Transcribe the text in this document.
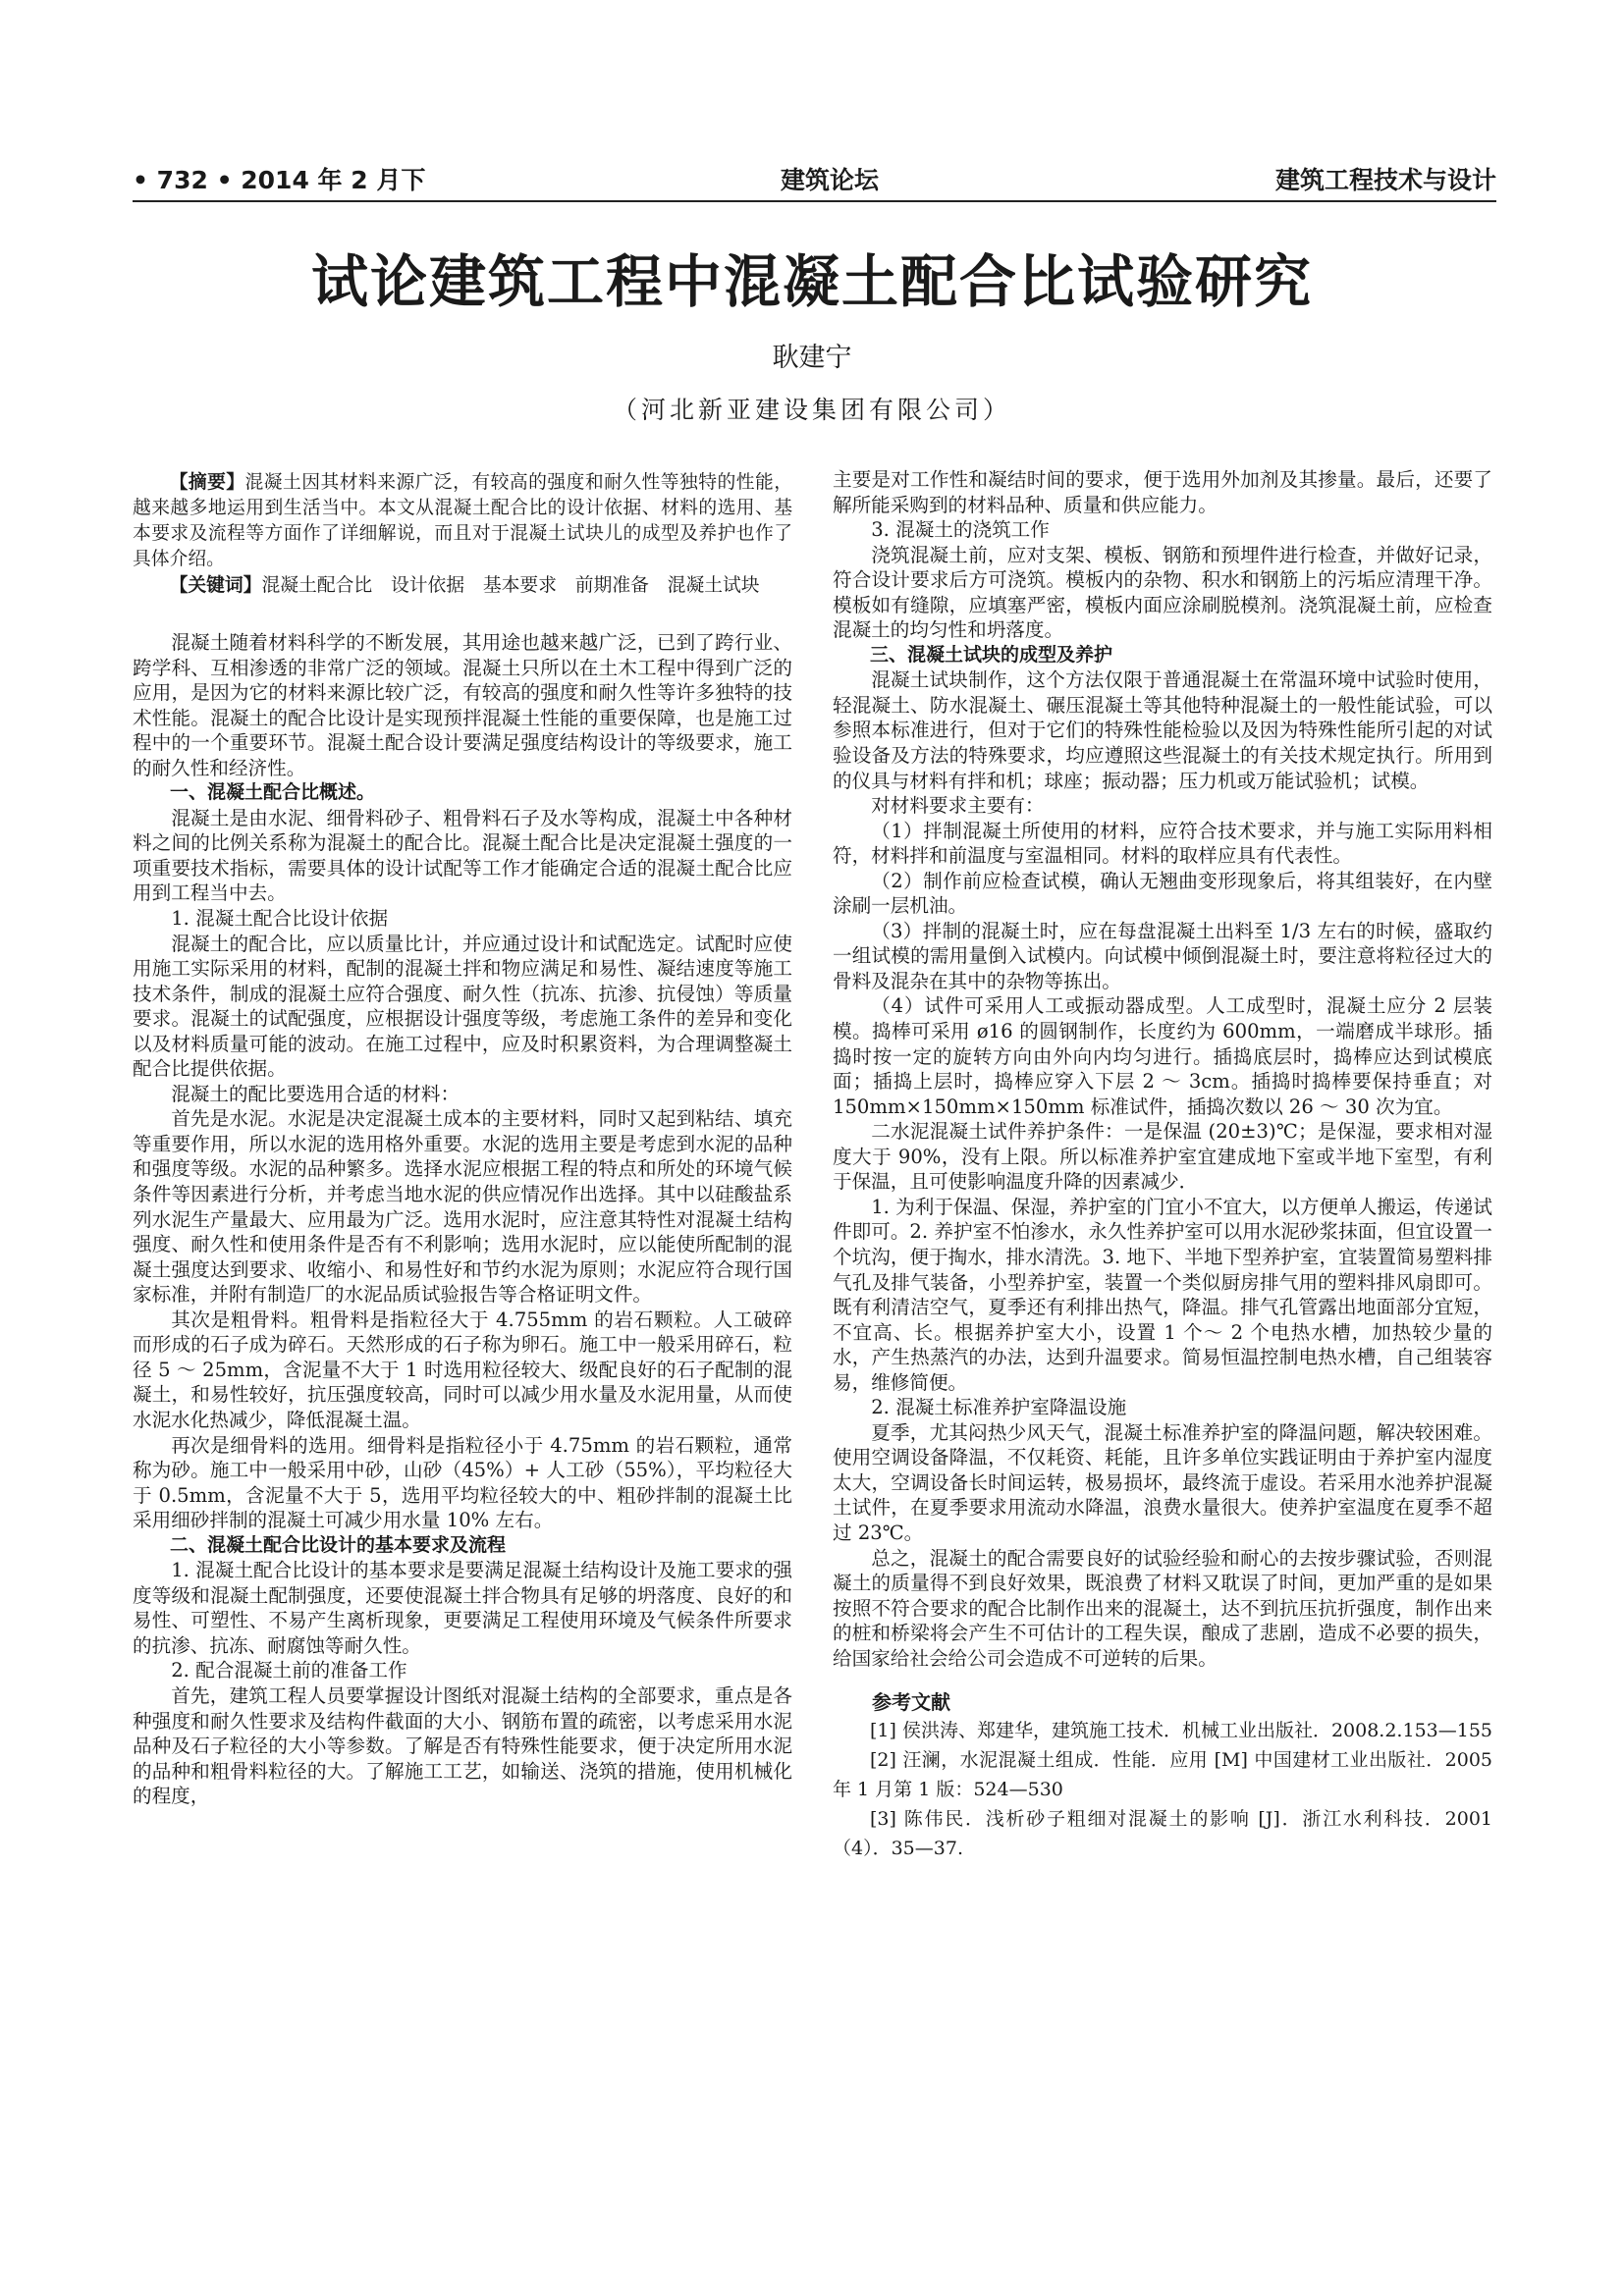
• 732 • 2014 年 2 月下	建筑论坛	建筑工程技术与设计
试论建筑工程中混凝土配合比试验研究
耿建宁
（河北新亚建设集团有限公司）

【摘要】混凝土因其材料来源广泛，有较高的强度和耐久性等独特的性能，越来越多地运用到生活当中。本文从混凝土配合比的设计依据、材料的选用、基本要求及流程等方面作了详细解说，而且对于混凝土试块儿的成型及养护也作了具体介绍。

【关键词】混凝土配合比　设计依据　基本要求　前期准备　混凝土试块

混凝土随着材料科学的不断发展，其用途也越来越广泛，已到了跨行业、跨学科、互相渗透的非常广泛的领域。混凝土只所以在土木工程中得到广泛的应用，是因为它的材料来源比较广泛，有较高的强度和耐久性等许多独特的技术性能。混凝土的配合比设计是实现预拌混凝土性能的重要保障，也是施工过程中的一个重要环节。混凝土配合设计要满足强度结构设计的等级要求，施工的耐久性和经济性。

一、混凝土配合比概述。

混凝土是由水泥、细骨料砂子、粗骨料石子及水等构成，混凝土中各种材料之间的比例关系称为混凝土的配合比。混凝土配合比是决定混凝土强度的一项重要技术指标，需要具体的设计试配等工作才能确定合适的混凝土配合比应用到工程当中去。

1. 混凝土配合比设计依据

混凝土的配合比，应以质量比计，并应通过设计和试配选定。试配时应使用施工实际采用的材料，配制的混凝土拌和物应满足和易性、凝结速度等施工技术条件，制成的混凝土应符合强度、耐久性（抗冻、抗渗、抗侵蚀）等质量要求。混凝土的试配强度，应根据设计强度等级，考虑施工条件的差异和变化以及材料质量可能的波动。在施工过程中，应及时积累资料，为合理调整凝土配合比提供依据。

混凝土的配比要选用合适的材料：

首先是水泥。水泥是决定混凝土成本的主要材料，同时又起到粘结、填充等重要作用，所以水泥的选用格外重要。水泥的选用主要是考虑到水泥的品种和强度等级。水泥的品种繁多。选择水泥应根据工程的特点和所处的环境气候条件等因素进行分析，并考虑当地水泥的供应情况作出选择。其中以硅酸盐系列水泥生产量最大、应用最为广泛。选用水泥时，应注意其特性对混凝土结构强度、耐久性和使用条件是否有不利影响；选用水泥时，应以能使所配制的混凝土强度达到要求、收缩小、和易性好和节约水泥为原则；水泥应符合现行国家标准，并附有制造厂的水泥品质试验报告等合格证明文件。

其次是粗骨料。粗骨料是指粒径大于 4.755mm 的岩石颗粒。人工破碎而形成的石子成为碎石。天然形成的石子称为卵石。施工中一般采用碎石，粒径 5 ～ 25mm，含泥量不大于 1 时选用粒径较大、级配良好的石子配制的混凝土，和易性较好，抗压强度较高，同时可以减少用水量及水泥用量，从而使水泥水化热减少，降低混凝土温。

再次是细骨料的选用。细骨料是指粒径小于 4.75mm 的岩石颗粒，通常称为砂。施工中一般采用中砂，山砂（45%）+ 人工砂（55%），平均粒径大于 0.5mm，含泥量不大于 5，选用平均粒径较大的中、粗砂拌制的混凝土比采用细砂拌制的混凝土可减少用水量 10% 左右。

二、混凝土配合比设计的基本要求及流程

1. 混凝土配合比设计的基本要求是要满足混凝土结构设计及施工要求的强度等级和混凝土配制强度，还要使混凝土拌合物具有足够的坍落度、良好的和易性、可塑性、不易产生离析现象，更要满足工程使用环境及气候条件所要求的抗渗、抗冻、耐腐蚀等耐久性。

2. 配合混凝土前的准备工作

首先，建筑工程人员要掌握设计图纸对混凝土结构的全部要求，重点是各种强度和耐久性要求及结构件截面的大小、钢筋布置的疏密，以考虑采用水泥品种及石子粒径的大小等参数。了解是否有特殊性能要求，便于决定所用水泥的品种和粗骨料粒径的大。了解施工工艺，如输送、浇筑的措施，使用机械化的程度，

主要是对工作性和凝结时间的要求，便于选用外加剂及其掺量。最后，还要了解所能采购到的材料品种、质量和供应能力。

3. 混凝土的浇筑工作

浇筑混凝土前，应对支架、模板、钢筋和预埋件进行检查，并做好记录，符合设计要求后方可浇筑。模板内的杂物、积水和钢筋上的污垢应清理干净。模板如有缝隙，应填塞严密，模板内面应涂刷脱模剂。浇筑混凝土前，应检查混凝土的均匀性和坍落度。

三、混凝土试块的成型及养护

混凝土试块制作，这个方法仅限于普通混凝土在常温环境中试验时使用，轻混凝土、防水混凝土、碾压混凝土等其他特种混凝土的一般性能试验，可以参照本标准进行，但对于它们的特殊性能检验以及因为特殊性能所引起的对试验设备及方法的特殊要求，均应遵照这些混凝土的有关技术规定执行。所用到的仪具与材料有拌和机；球座；振动器；压力机或万能试验机；试模。

对材料要求主要有：

（1）拌制混凝土所使用的材料，应符合技术要求，并与施工实际用料相符，材料拌和前温度与室温相同。材料的取样应具有代表性。

（2）制作前应检查试模，确认无翘曲变形现象后，将其组装好，在内壁涂刷一层机油。

（3）拌制的混凝土时，应在每盘混凝土出料至 1/3 左右的时候，盛取约一组试模的需用量倒入试模内。向试模中倾倒混凝土时，要注意将粒径过大的骨料及混杂在其中的杂物等拣出。

（4）试件可采用人工或振动器成型。人工成型时，混凝土应分 2 层装模。捣棒可采用 ø16 的圆钢制作，长度约为 600mm，一端磨成半球形。插捣时按一定的旋转方向由外向内均匀进行。插捣底层时，捣棒应达到试模底面；插捣上层时，捣棒应穿入下层 2 ～ 3cm。插捣时捣棒要保持垂直；对 150mm×150mm×150mm 标准试件，插捣次数以 26 ～ 30 次为宜。

二水泥混凝土试件养护条件：一是保温 (20±3)℃；是保湿，要求相对湿度大于 90%，没有上限。所以标准养护室宜建成地下室或半地下室型，有利于保温，且可使影响温度升降的因素减少．

1. 为利于保温、保湿，养护室的门宜小不宜大，以方便单人搬运，传递试件即可。2. 养护室不怕渗水，永久性养护室可以用水泥砂浆抹面，但宜设置一个坑沟，便于掏水，排水清洗。3. 地下、半地下型养护室，宜装置简易塑料排气孔及排气装备，小型养护室，装置一个类似厨房排气用的塑料排风扇即可。既有利清洁空气，夏季还有利排出热气，降温。排气孔管露出地面部分宜短，不宜高、长。根据养护室大小，设置 1 个～ 2 个电热水槽，加热较少量的水，产生热蒸汽的办法，达到升温要求。简易恒温控制电热水槽，自己组装容易，维修简便。

2. 混凝土标准养护室降温设施

夏季，尤其闷热少风天气，混凝土标准养护室的降温问题，解决较困难。使用空调设备降温，不仅耗资、耗能，且许多单位实践证明由于养护室内湿度太大，空调设备长时间运转，极易损坏，最终流于虚设。若采用水池养护混凝土试件，在夏季要求用流动水降温，浪费水量很大。使养护室温度在夏季不超过 23℃。

总之，混凝土的配合需要良好的试验经验和耐心的去按步骤试验，否则混凝土的质量得不到良好效果，既浪费了材料又耽误了时间，更加严重的是如果按照不符合要求的配合比制作出来的混凝土，达不到抗压抗折强度，制作出来的桩和桥梁将会产生不可估计的工程失误，酿成了悲剧，造成不必要的损失，给国家给社会给公司会造成不可逆转的后果。

参考文献

[1] 侯洪涛、郑建华，建筑施工技术．机械工业出版社．2008.2.153—155

[2] 汪澜，水泥混凝土组成．性能．应用 [M] 中国建材工业出版社．2005 年 1 月第 1 版：524—530

[3] 陈伟民．浅析砂子粗细对混凝土的影响 [J]．浙江水利科技．2001（4）．35—37.
